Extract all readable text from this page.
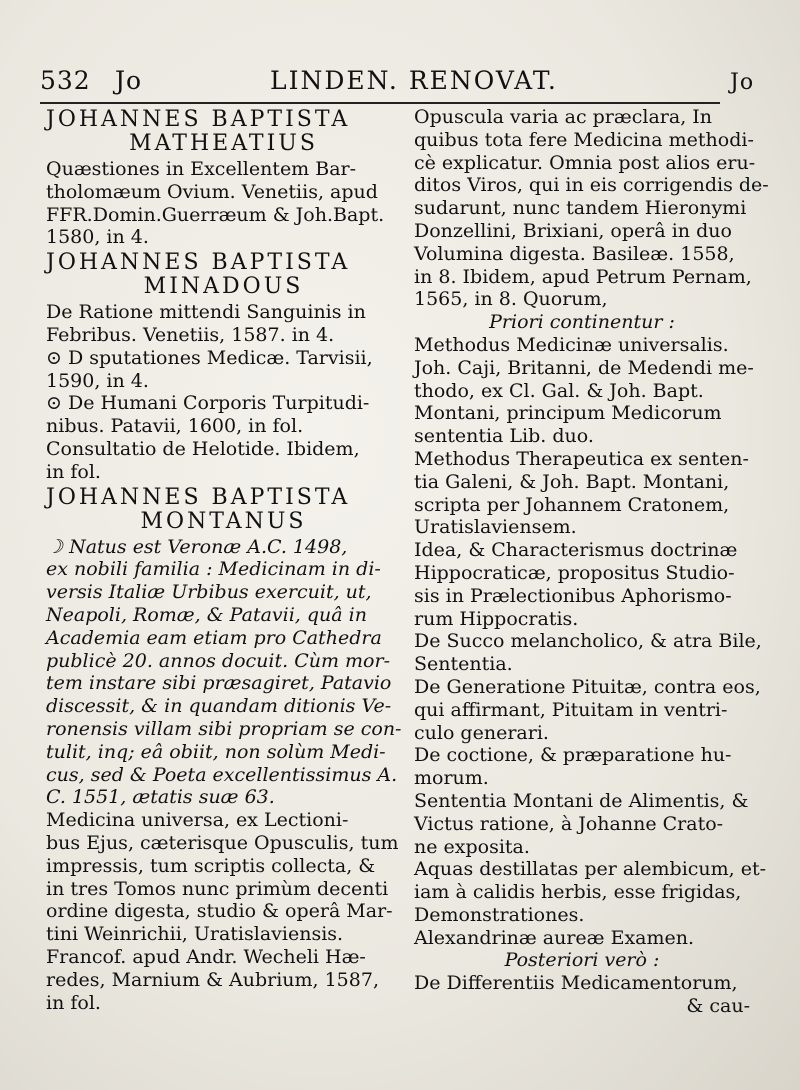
532 Jo	LINDEN. RENOVAT.	Jo
JOHANNES BAPTISTA
MATHEATIUS
Quæstiones in Excellentem Bar-
tholomæum Ovium. Venetiis, apud
FFR.Domin.Guerræum & Joh.Bapt.
1580, in 4.
JOHANNES BAPTISTA
MINADOUS
De Ratione mittendi Sanguinis in
Febribus. Venetiis, 1587. in 4.
⊙ D sputationes Medicæ. Tarvisii,
1590, in 4.
⊙ De Humani Corporis Turpitudi-
nibus. Patavii, 1600, in fol.
Consultatio de Helotide. Ibidem,
in fol.
JOHANNES BAPTISTA
MONTANUS
☽ Natus est Veronæ A.C. 1498,
ex nobili familia : Medicinam in di-
versis Italiæ Urbibus exercuit, ut,
Neapoli, Romæ, & Patavii, quâ in
Academia eam etiam pro Cathedra
publicè 20. annos docuit. Cùm mor-
tem instare sibi præsagiret, Patavio
discessit, & in quandam ditionis Ve-
ronensis villam sibi propriam se con-
tulit, inq; eâ obiit, non solùm Medi-
cus, sed & Poeta excellentissimus A.
C. 1551, ætatis suæ 63.
Medicina universa, ex Lectioni-
bus Ejus, cæterisque Opusculis, tum
impressis, tum scriptis collecta, &
in tres Tomos nunc primùm decenti
ordine digesta, studio & operâ Mar-
tini Weinrichii, Uratislaviensis.
Francof. apud Andr. Wecheli Hæ-
redes, Marnium & Aubrium, 1587,
in fol.
Opuscula varia ac præclara, In
quibus tota fere Medicina methodi-
cè explicatur. Omnia post alios eru-
ditos Viros, qui in eis corrigendis de-
sudarunt, nunc tandem Hieronymi
Donzellini, Brixiani, operâ in duo
Volumina digesta. Basileæ. 1558,
in 8. Ibidem, apud Petrum Pernam,
1565, in 8. Quorum,
Priori continentur :
Methodus Medicinæ universalis.
Joh. Caji, Britanni, de Medendi me-
thodo, ex Cl. Gal. & Joh. Bapt.
Montani, principum Medicorum
sententia Lib. duo.
Methodus Therapeutica ex senten-
tia Galeni, & Joh. Bapt. Montani,
scripta per Johannem Cratonem,
Uratislaviensem.
Idea, & Characterismus doctrinæ
Hippocraticæ, propositus Studio-
sis in Prælectionibus Aphorismo-
rum Hippocratis.
De Succo melancholico, & atra Bile,
Sententia.
De Generatione Pituitæ, contra eos,
qui affirmant, Pituitam in ventri-
culo generari.
De coctione, & præparatione hu-
morum.
Sententia Montani de Alimentis, &
Victus ratione, à Johanne Crato-
ne exposita.
Aquas destillatas per alembicum, et-
iam à calidis herbis, esse frigidas,
Demonstrationes.
Alexandrinæ aureæ Examen.
Posteriori verò :
De Differentiis Medicamentorum,
& cau-
